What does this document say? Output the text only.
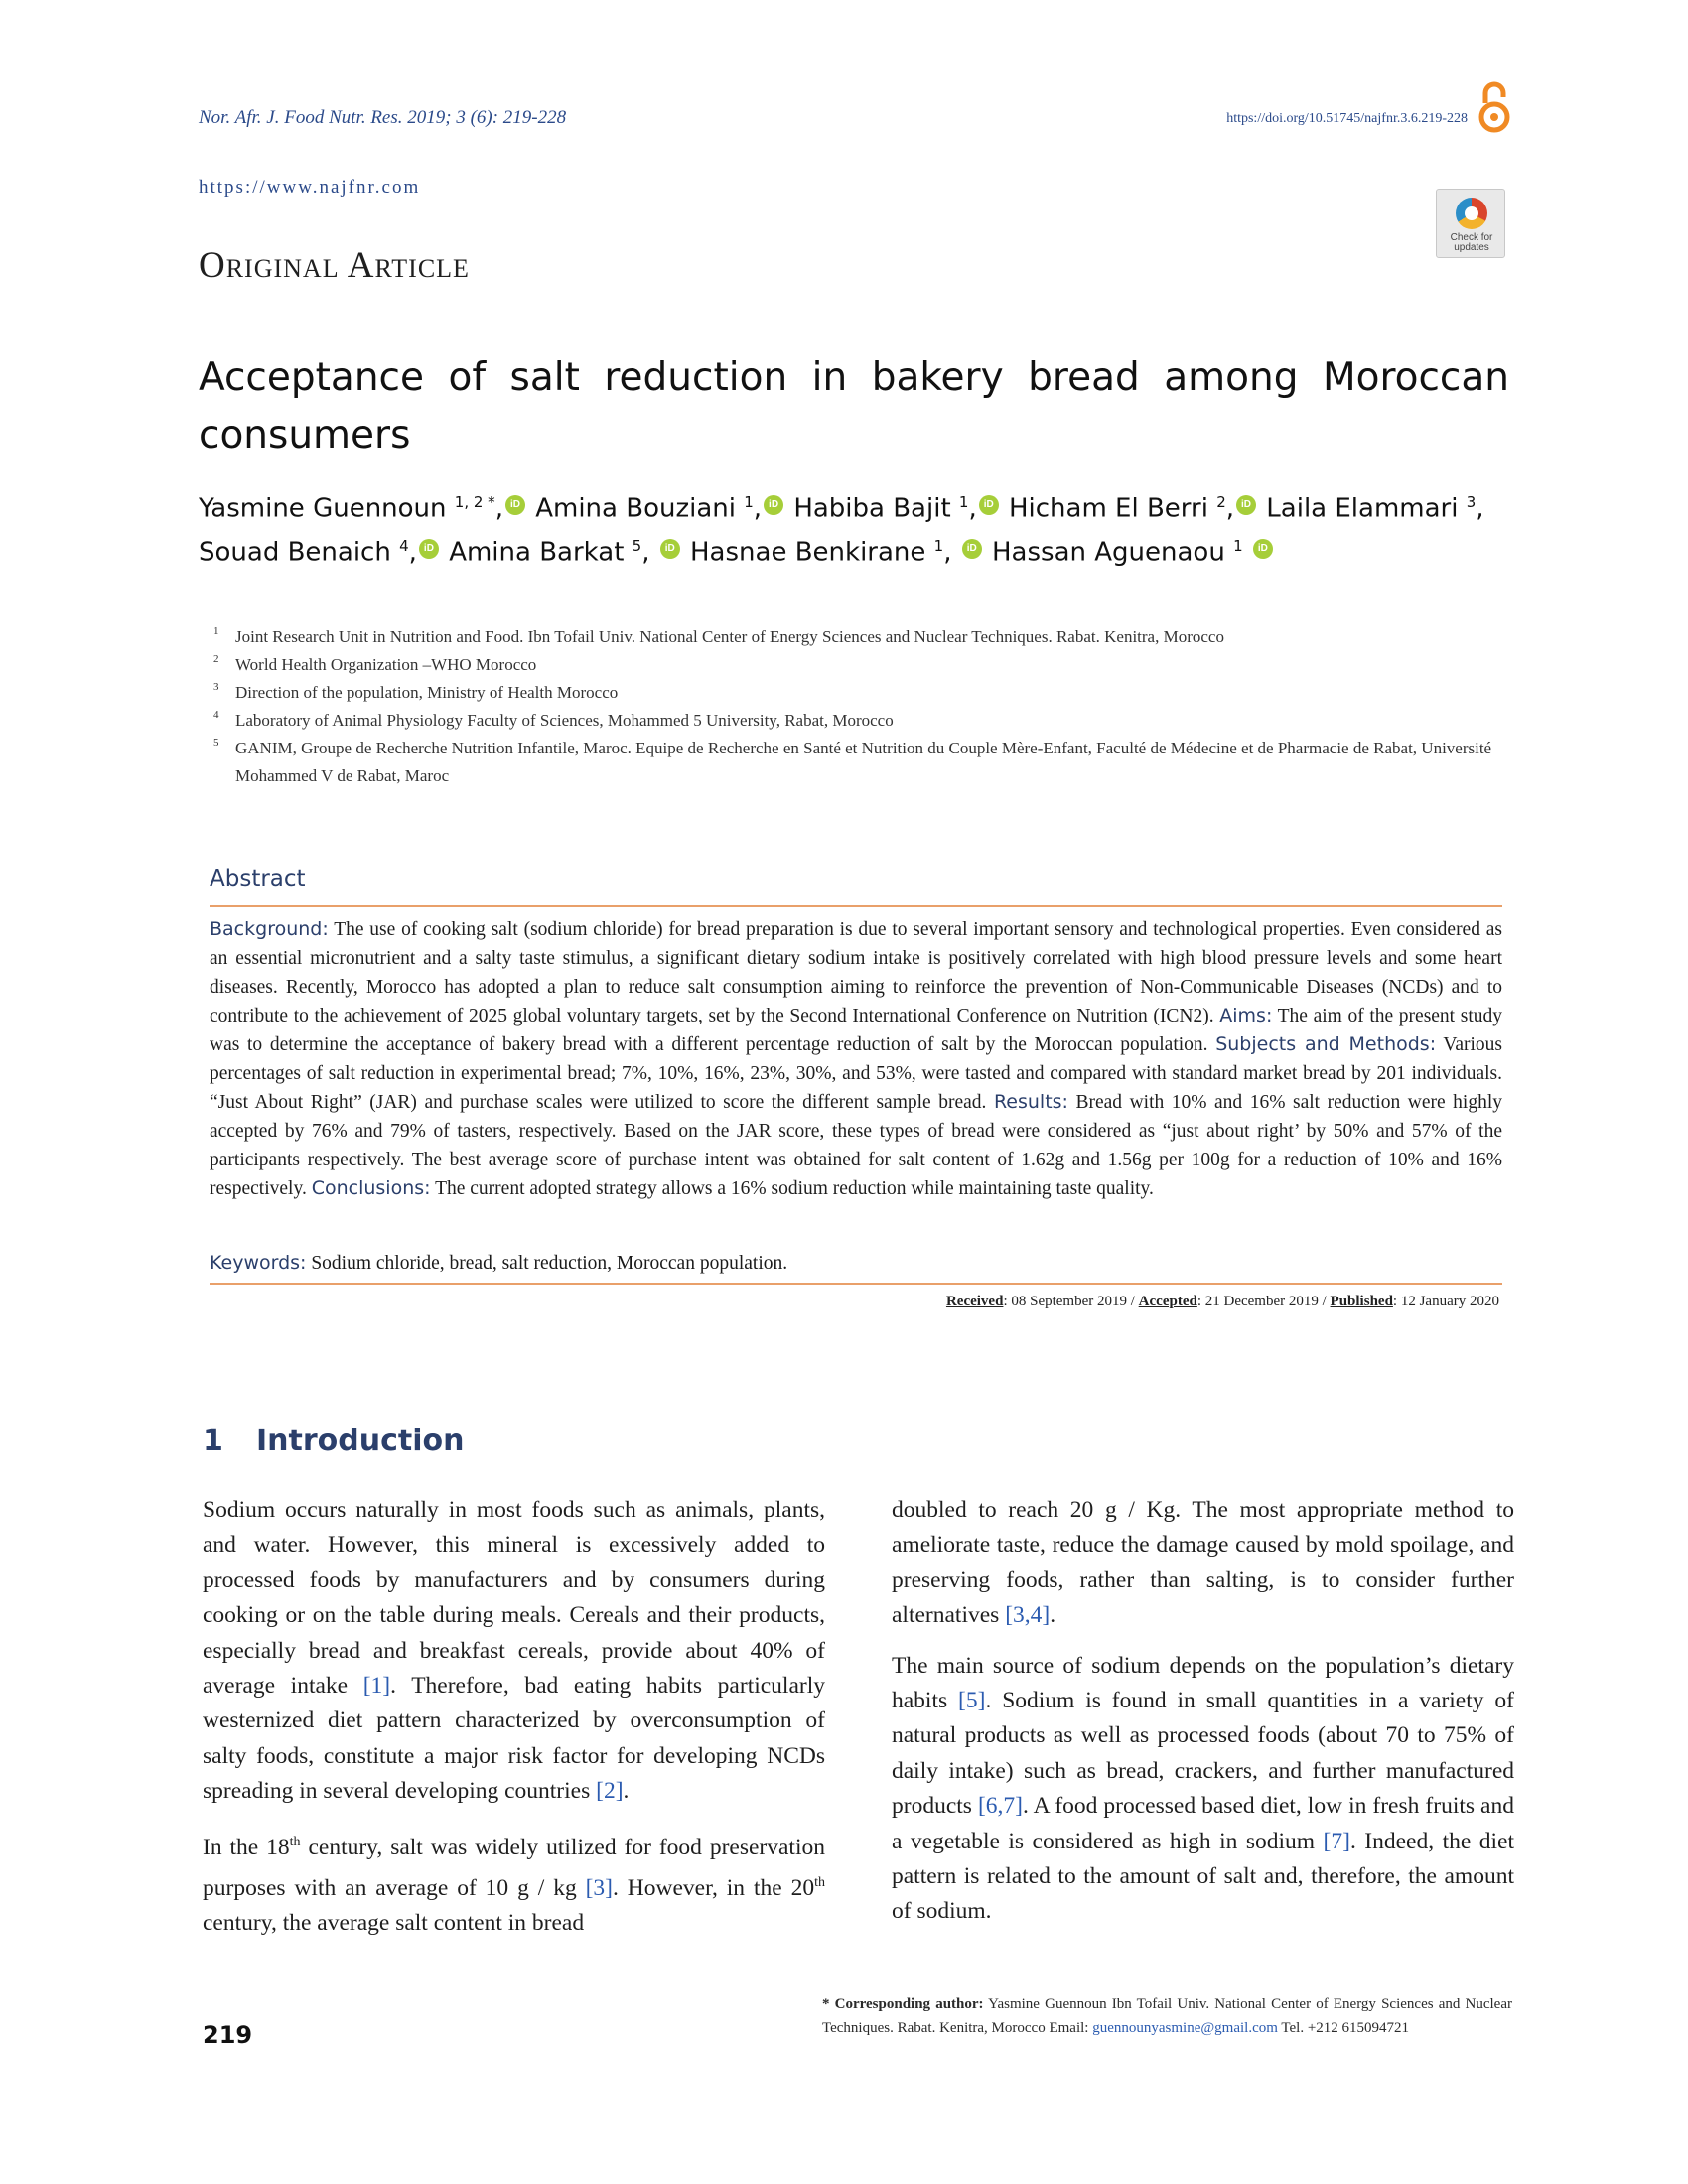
Nor. Afr. J. Food Nutr. Res. 2019; 3 (6): 219-228	https://doi.org/10.51745/najfnr.3.6.219-228
https://www.najfnr.com
Check for updates
Original Article
Acceptance of salt reduction in bakery bread among Moroccan consumers
Yasmine Guennoun $^{1, 2 *}$, iD Amina Bouziani $^1$, iD Habiba Bajit $^1$, iD Hicham El Berri $^2$, iD Laila Elammari $^3$, Souad Benaich $^4$, iD Amina Barkat $^5$, iD Hasnae Benkirane $^1$, iD Hassan Aguenaou $^1$ iD
1 Joint Research Unit in Nutrition and Food. Ibn Tofail Univ. National Center of Energy Sciences and Nuclear Techniques. Rabat. Kenitra, Morocco
2 World Health Organization –WHO Morocco
3 Direction of the population, Ministry of Health Morocco
4 Laboratory of Animal Physiology Faculty of Sciences, Mohammed 5 University, Rabat, Morocco
5 GANIM, Groupe de Recherche Nutrition Infantile, Maroc. Equipe de Recherche en Santé et Nutrition du Couple Mère-Enfant, Faculté de Médecine et de Pharmacie de Rabat, Université Mohammed V de Rabat, Maroc
Abstract
Background: The use of cooking salt (sodium chloride) for bread preparation is due to several important sensory and technological properties. Even considered as an essential micronutrient and a salty taste stimulus, a significant dietary sodium intake is positively correlated with high blood pressure levels and some heart diseases. Recently, Morocco has adopted a plan to reduce salt consumption aiming to reinforce the prevention of Non-Communicable Diseases (NCDs) and to contribute to the achievement of 2025 global voluntary targets, set by the Second International Conference on Nutrition (ICN2). Aims: The aim of the present study was to determine the acceptance of bakery bread with a different percentage reduction of salt by the Moroccan population. Subjects and Methods: Various percentages of salt reduction in experimental bread; 7%, 10%, 16%, 23%, 30%, and 53%, were tasted and compared with standard market bread by 201 individuals. “Just About Right” (JAR) and purchase scales were utilized to score the different sample bread. Results: Bread with 10% and 16% salt reduction were highly accepted by 76% and 79% of tasters, respectively. Based on the JAR score, these types of bread were considered as “just about right’ by 50% and 57% of the participants respectively. The best average score of purchase intent was obtained for salt content of 1.62g and 1.56g per 100g for a reduction of 10% and 16% respectively. Conclusions: The current adopted strategy allows a 16% sodium reduction while maintaining taste quality.
Keywords: Sodium chloride, bread, salt reduction, Moroccan population.
Received: 08 September 2019 / Accepted: 21 December 2019 / Published: 12 January 2020
1 Introduction

Sodium occurs naturally in most foods such as animals, plants, and water. However, this mineral is excessively added to processed foods by manufacturers and by consumers during cooking or on the table during meals. Cereals and their products, especially bread and breakfast cereals, provide about 40% of average intake [1]. Therefore, bad eating habits particularly westernized diet pattern characterized by overconsumption of salty foods, constitute a major risk factor for developing NCDs spreading in several developing countries [2].

In the 18th century, salt was widely utilized for food preservation purposes with an average of 10 g / kg [3]. However, in the 20th century, the average salt content in bread

doubled to reach 20 g / Kg. The most appropriate method to ameliorate taste, reduce the damage caused by mold spoilage, and preserving foods, rather than salting, is to consider further alternatives [3,4].

The main source of sodium depends on the population’s dietary habits [5]. Sodium is found in small quantities in a variety of natural products as well as processed foods (about 70 to 75% of daily intake) such as bread, crackers, and further manufactured products [6,7]. A food processed based diet, low in fresh fruits and a vegetable is considered as high in sodium [7]. Indeed, the diet pattern is related to the amount of salt and, therefore, the amount of sodium.

* Corresponding author: Yasmine Guennoun Ibn Tofail Univ. National Center of Energy Sciences and Nuclear Techniques. Rabat. Kenitra, Morocco Email: guennounyasmine@gmail.com Tel. +212 615094721
219
